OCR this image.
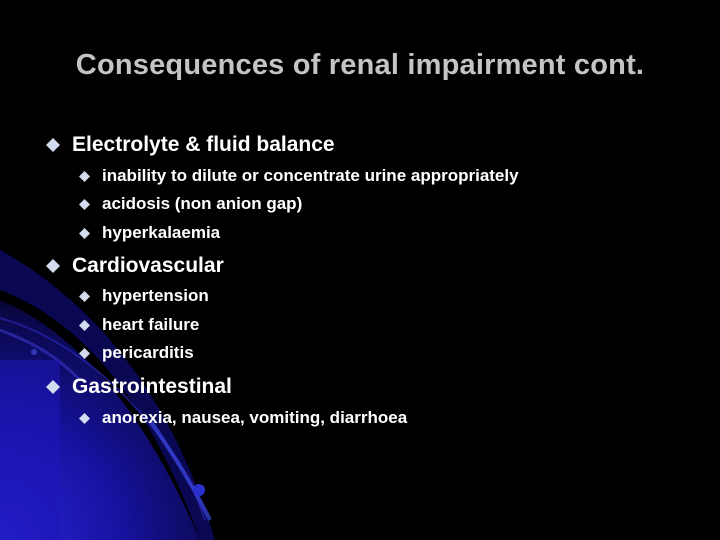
Consequences of renal impairment cont.
Electrolyte & fluid balance
inability to dilute or concentrate urine appropriately
acidosis (non anion gap)
hyperkalaemia
Cardiovascular
hypertension
heart failure
pericarditis
Gastrointestinal
anorexia, nausea, vomiting, diarrhoea
